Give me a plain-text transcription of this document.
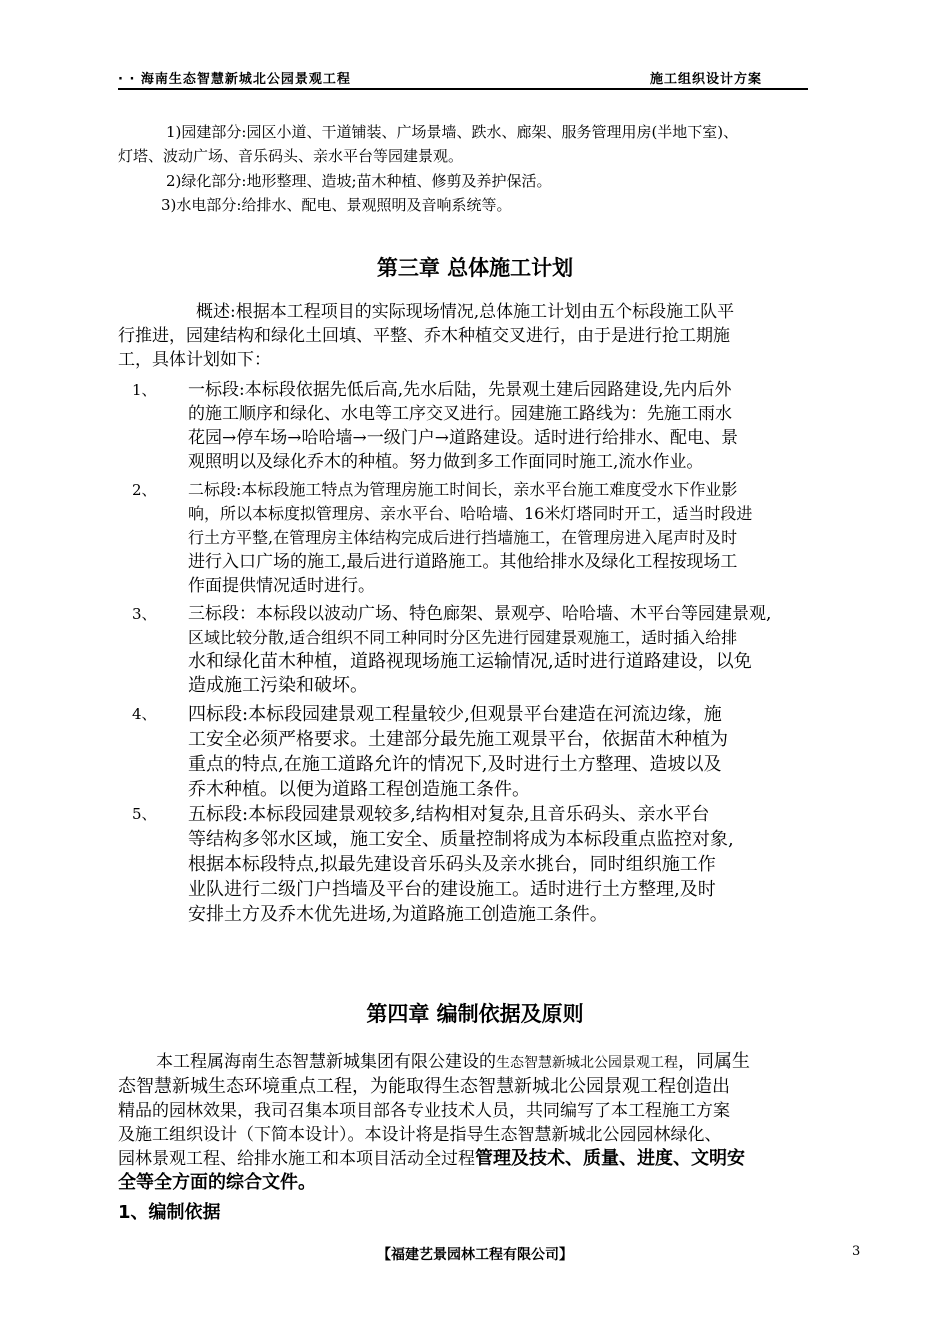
· · 海南生态智慧新城北公园景观工程	施工组织设计方案
1)园建部分:园区小道、干道铺装、广场景墙、跌水、廊架、服务管理用房(半地下室)、
灯塔、波动广场、音乐码头、亲水平台等园建景观。
2)绿化部分:地形整理、造坡;苗木种植、修剪及养护保活。
3)水电部分:给排水、配电、景观照明及音响系统等。
第三章 总体施工计划
概述:根据本工程项目的实际现场情况,总体施工计划由五个标段施工队平
行推进，园建结构和绿化土回填、平整、乔木种植交叉进行，由于是进行抢工期施
工，具体计划如下：
1、 一标段:本标段依据先低后高,先水后陆，先景观土建后园路建设,先内后外
的施工顺序和绿化、水电等工序交叉进行。园建施工路线为：先施工雨水
花园→停车场→哈哈墙→一级门户→道路建设。适时进行给排水、配电、景
观照明以及绿化乔木的种植。努力做到多工作面同时施工,流水作业。
2、 二标段:本标段施工特点为管理房施工时间长，亲水平台施工难度受水下作业影
响，所以本标度拟管理房、亲水平台、哈哈墙、16米灯塔同时开工，适当时段进
行土方平整,在管理房主体结构完成后进行挡墙施工，在管理房进入尾声时及时
进行入口广场的施工,最后进行道路施工。其他给排水及绿化工程按现场工
作面提供情况适时进行。
3、 三标段：本标段以波动广场、特色廊架、景观亭、哈哈墙、木平台等园建景观,
区域比较分散,适合组织不同工种同时分区先进行园建景观施工，适时插入给排
水和绿化苗木种植，道路视现场施工运输情况,适时进行道路建设，以免
造成施工污染和破坏。
4、 四标段:本标段园建景观工程量较少,但观景平台建造在河流边缘，施
工安全必须严格要求。土建部分最先施工观景平台，依据苗木种植为
重点的特点,在施工道路允许的情况下,及时进行土方整理、造坡以及
乔木种植。以便为道路工程创造施工条件。
5、 五标段:本标段园建景观较多,结构相对复杂,且音乐码头、亲水平台
等结构多邻水区域，施工安全、质量控制将成为本标段重点监控对象,
根据本标段特点,拟最先建设音乐码头及亲水挑台，同时组织施工作
业队进行二级门户挡墙及平台的建设施工。适时进行土方整理,及时
安排土方及乔木优先进场,为道路施工创造施工条件。
第四章 编制依据及原则
本工程属海南生态智慧新城集团有限公建设的生态智慧新城北公园景观工程，同属生
态智慧新城生态环境重点工程，为能取得生态智慧新城北公园景观工程创造出
精品的园林效果，我司召集本项目部各专业技术人员，共同编写了本工程施工方案
及施工组织设计（下简本设计）。本设计将是指导生态智慧新城北公园园林绿化、
园林景观工程、给排水施工和本项目活动全过程管理及技术、质量、进度、文明安
全等全方面的综合文件。
1、编制依据
【福建艺景园林工程有限公司】	3
